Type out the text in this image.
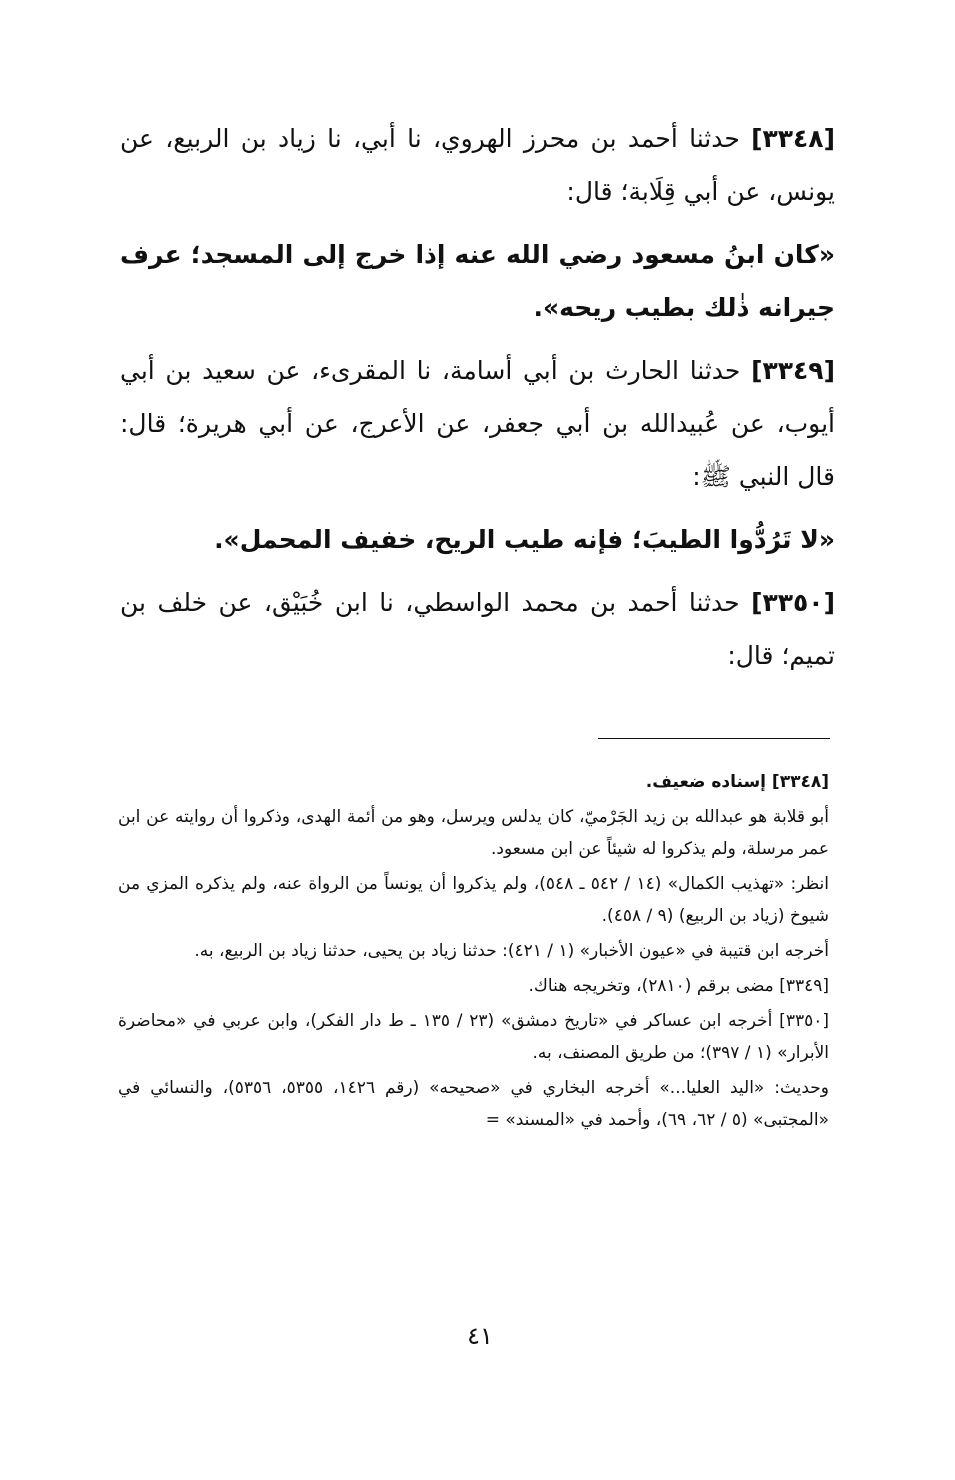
[٣٣٤٨] حدثنا أحمد بن محرز الهروي، نا أبي، نا زياد بن الربيع، عن يونس، عن أبي قِلَابة؛ قال:

«كان ابنُ مسعود رضي الله عنه إذا خرج إلى المسجد؛ عرف جيرانه ذٰلك بطيب ريحه».

[٣٣٤٩] حدثنا الحارث بن أبي أسامة، نا المقرىء، عن سعيد بن أبي أيوب، عن عُبيدالله بن أبي جعفر، عن الأعرج، عن أبي هريرة؛ قال: قال النبي ﷺ:

«لا تَرُدُّوا الطيبَ؛ فإنه طيب الريح، خفيف المحمل».

[٣٣٥٠] حدثنا أحمد بن محمد الواسطي، نا ابن خُبَيْق، عن خلف بن تميم؛ قال:

[٣٣٤٨] إسناده ضعيف.

أبو قلابة هو عبدالله بن زيد الجَرْميّ، كان يدلس ويرسل، وهو من أئمة الهدى، وذكروا أن روايته عن ابن عمر مرسلة، ولم يذكروا له شيئاً عن ابن مسعود.

انظر: «تهذيب الكمال» (١٤ / ٥٤٢ ـ ٥٤٨)، ولم يذكروا أن يونساً من الرواة عنه، ولم يذكره المزي من شيوخ (زياد بن الربيع) (٩ / ٤٥٨).

أخرجه ابن قتيبة في «عيون الأخبار» (١ / ٤٢١): حدثنا زياد بن يحيى، حدثنا زياد بن الربيع، به.

[٣٣٤٩] مضى برقم (٢٨١٠)، وتخريجه هناك.

[٣٣٥٠] أخرجه ابن عساكر في «تاريخ دمشق» (٢٣ / ١٣٥ ـ ط دار الفكر)، وابن عربي في «محاضرة الأبرار» (١ / ٣٩٧)؛ من طريق المصنف، به.

وحديث: «اليد العليا...» أخرجه البخاري في «صحيحه» (رقم ١٤٢٦، ٥٣٥٥، ٥٣٥٦)، والنسائي في «المجتبى» (٥ / ٦٢، ٦٩)، وأحمد في «المسند» =

٤١
